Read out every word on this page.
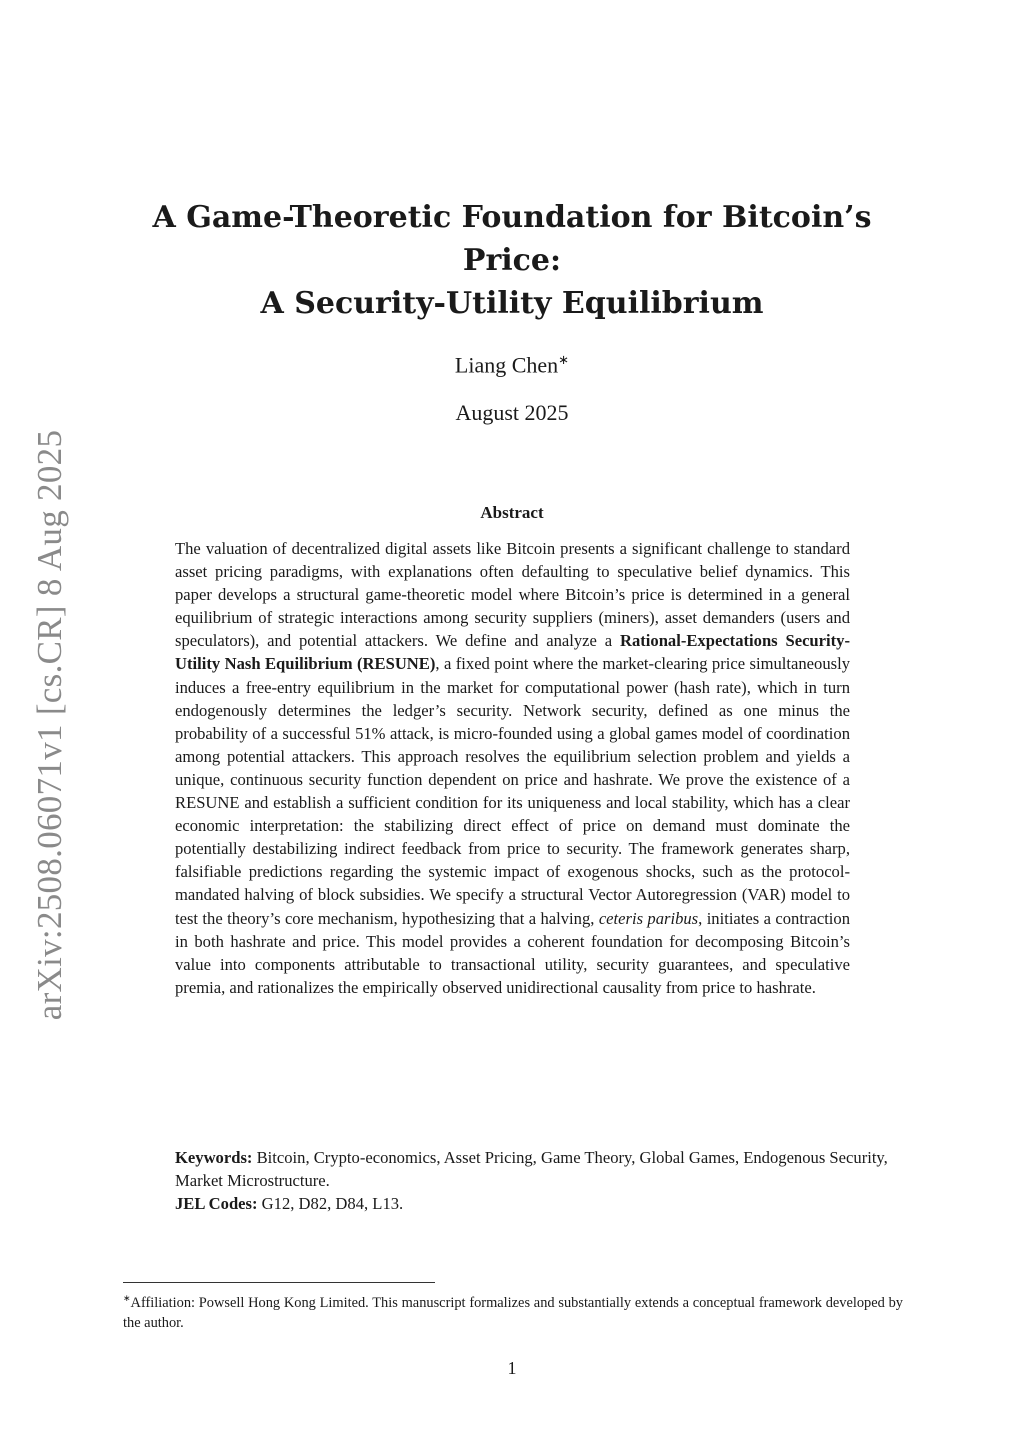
arXiv:2508.06071v1 [cs.CR] 8 Aug 2025
A Game-Theoretic Foundation for Bitcoin’s
Price:
A Security-Utility Equilibrium
Liang Chen∗
August 2025
Abstract

The valuation of decentralized digital assets like Bitcoin presents a significant challenge to standard asset pricing paradigms, with explanations often defaulting to speculative belief dynamics. This paper develops a structural game-theoretic model where Bitcoin’s price is determined in a general equilibrium of strategic interactions among security suppliers (miners), asset demanders (users and speculators), and potential attackers. We define and analyze a Rational-Expectations Security-Utility Nash Equilibrium (RESUNE), a fixed point where the market-clearing price simultaneously induces a free-entry equilibrium in the market for computational power (hash rate), which in turn endogenously determines the ledger’s security. Network security, defined as one minus the probability of a successful 51% attack, is micro-founded using a global games model of coordination among potential attackers. This approach resolves the equilibrium selection problem and yields a unique, continuous security function dependent on price and hashrate. We prove the existence of a RESUNE and establish a sufficient condition for its uniqueness and local stability, which has a clear economic interpretation: the stabilizing direct effect of price on demand must dominate the potentially destabilizing indirect feedback from price to security. The framework generates sharp, falsifiable predictions regarding the systemic impact of exogenous shocks, such as the protocol-mandated halving of block subsidies. We specify a structural Vector Autoregression (VAR) model to test the theory’s core mechanism, hypothesizing that a halving, ceteris paribus, initiates a contraction in both hashrate and price. This model provides a coherent foundation for decomposing Bitcoin’s value into components attributable to transactional utility, security guarantees, and speculative premia, and rationalizes the empirically observed unidirectional causality from price to hashrate.

Keywords: Bitcoin, Crypto-economics, Asset Pricing, Game Theory, Global Games, Endogenous Security, Market Microstructure.
JEL Codes: G12, D82, D84, L13.
∗Affiliation: Powsell Hong Kong Limited. This manuscript formalizes and substantially extends a conceptual framework developed by the author.
1
